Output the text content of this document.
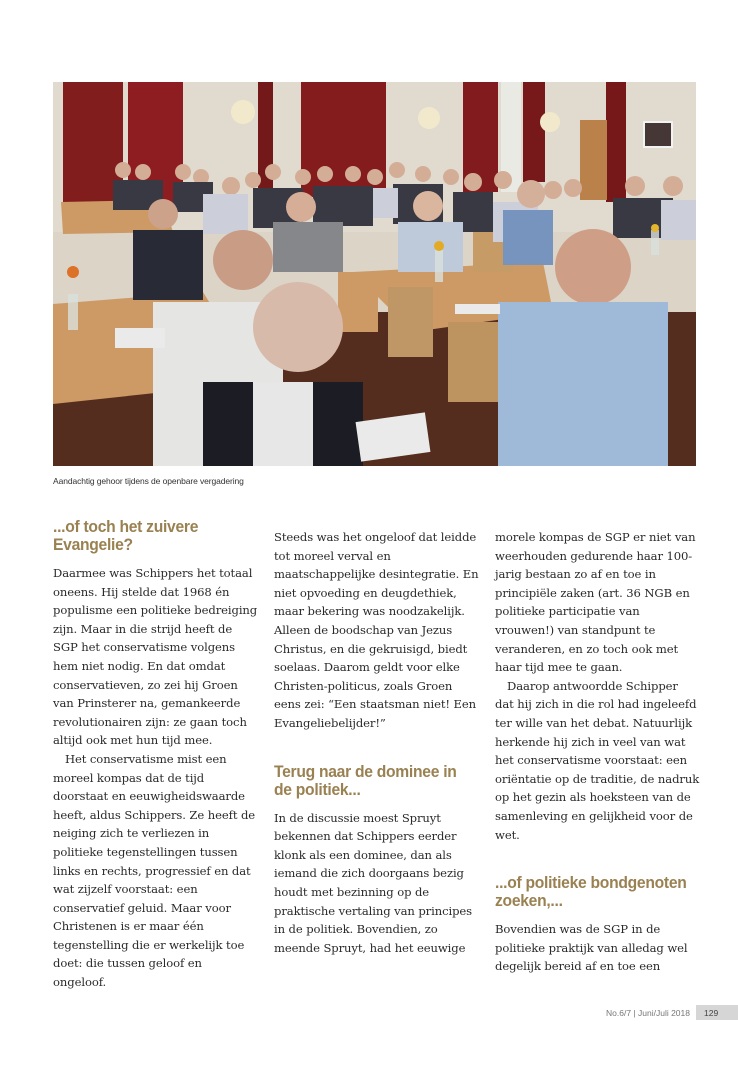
Aandachtig gehoor tijdens de openbare vergadering
...of toch het zuivere
Evangelie?

Daarmee was Schippers het totaal oneens. Hij stelde dat 1968 én populisme een politieke bedreiging zijn. Maar in die strijd heeft de SGP het conservatisme volgens hem niet nodig. En dat omdat conservatieven, zo zei hij Groen van Prinsterer na, gemankeerde revolutionairen zijn: ze gaan toch altijd ook met hun tijd mee.

Het conservatisme mist een moreel kompas dat de tijd doorstaat en eeuwigheidswaarde heeft, aldus Schippers. Ze heeft de neiging zich te verliezen in politieke tegenstellingen tussen links en rechts, progressief en dat wat zijzelf voorstaat: een conservatief geluid. Maar voor Christenen is er maar één tegenstelling die er werkelijk toe doet: die tussen geloof en ongeloof.

Steeds was het ongeloof dat leidde tot moreel verval en maatschappelijke desintegratie. En niet opvoeding en deugdethiek, maar bekering was noodzakelijk. Alleen de boodschap van Jezus Christus, en die gekruisigd, biedt soelaas. Daarom geldt voor elke Christen-politicus, zoals Groen eens zei: “Een staatsman niet! Een Evangeliebelijder!”

Terug naar de dominee in de politiek...

In de discussie moest Spruyt bekennen dat Schippers eerder klonk als een dominee, dan als iemand die zich doorgaans bezig houdt met bezinning op de praktische vertaling van principes in de politiek. Bovendien, zo meende Spruyt, had het eeuwige

morele kompas de SGP er niet van weerhouden gedurende haar 100-jarig bestaan zo af en toe in principiële zaken (art. 36 NGB en politieke participatie van vrouwen!) van standpunt te veranderen, en zo toch ook met haar tijd mee te gaan.

Daarop antwoordde Schipper dat hij zich in die rol had ingeleefd ter wille van het debat. Natuurlijk herkende hij zich in veel van wat het conservatisme voorstaat: een oriëntatie op de traditie, de nadruk op het gezin als hoeksteen van de samenleving en gelijkheid voor de wet.

...of politieke bondgenoten
zoeken,...

Bovendien was de SGP in de politieke praktijk van alledag wel degelijk bereid af en toe een

No.6/7 | Juni/Juli 2018	129
